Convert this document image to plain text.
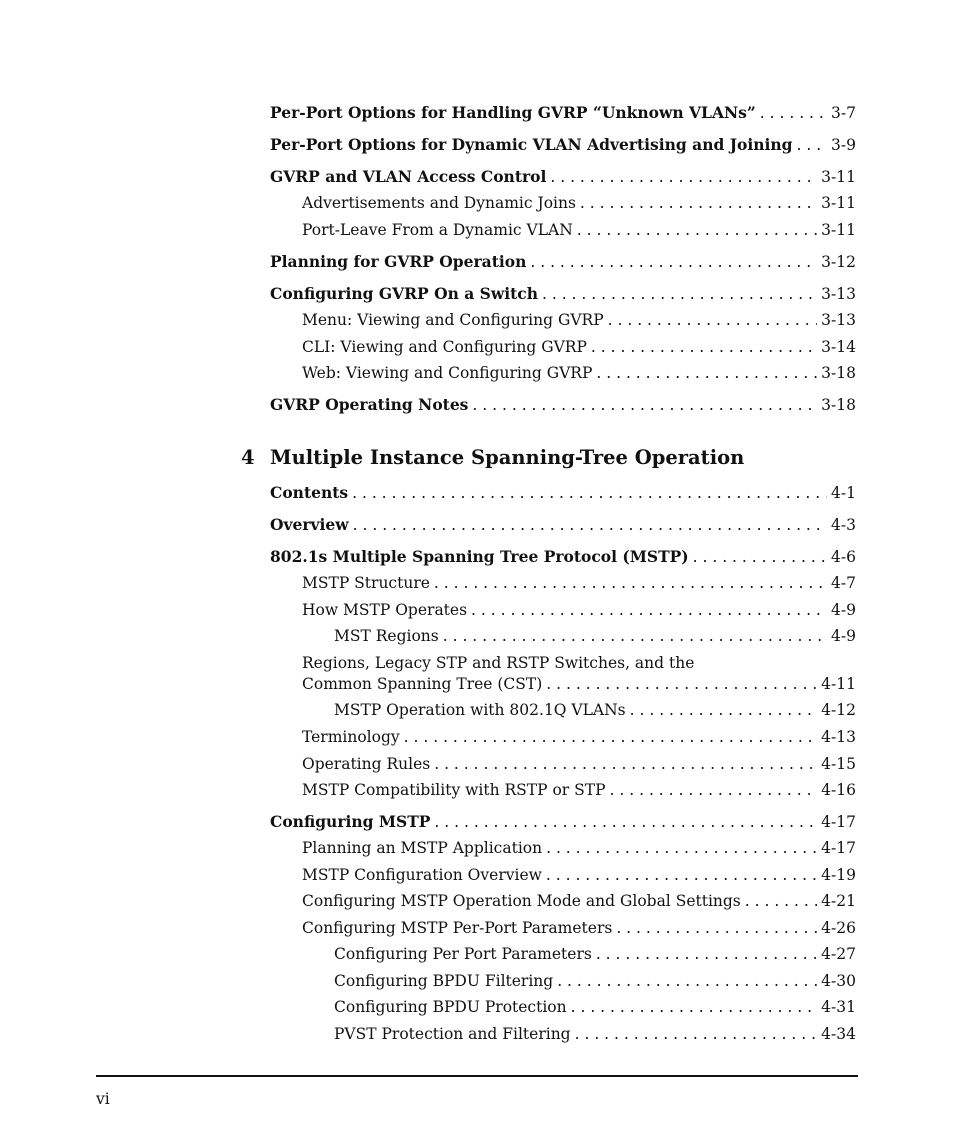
Per-Port Options for Handling GVRP “Unknown VLANs” . . .	3-7
Per-Port Options for Dynamic VLAN Advertising and Joining . . . 3-9
GVRP and VLAN Access Control . . .	3-11
Advertisements and Dynamic Joins . . .	3-11
Port-Leave From a Dynamic VLAN . . .	3-11
Planning for GVRP Operation . . .	3-12
Configuring GVRP On a Switch . . .	3-13
Menu: Viewing and Configuring GVRP . . .	3-13
CLI: Viewing and Configuring GVRP . . .	3-14
Web: Viewing and Configuring GVRP . . .	3-18
GVRP Operating Notes . . .	3-18
4 Multiple Instance Spanning-Tree Operation
Contents . . .	4-1
Overview . . .	4-3
802.1s Multiple Spanning Tree Protocol (MSTP) . . .	4-6
MSTP Structure . . .	4-7
How MSTP Operates . . .	4-9
MST Regions . . .	4-9
Regions, Legacy STP and RSTP Switches, and the
Common Spanning Tree (CST) . . .	4-11
MSTP Operation with 802.1Q VLANs . . .	4-12
Terminology . . .	4-13
Operating Rules . . .	4-15
MSTP Compatibility with RSTP or STP . . .	4-16
Configuring MSTP . . .	4-17
Planning an MSTP Application . . .	4-17
MSTP Configuration Overview . . .	4-19
Configuring MSTP Operation Mode and Global Settings . . .	4-21
Configuring MSTP Per-Port Parameters . . .	4-26
Configuring Per Port Parameters . . .	4-27
Configuring BPDU Filtering . . .	4-30
Configuring BPDU Protection . . .	4-31
PVST Protection and Filtering . . .	4-34
vi
